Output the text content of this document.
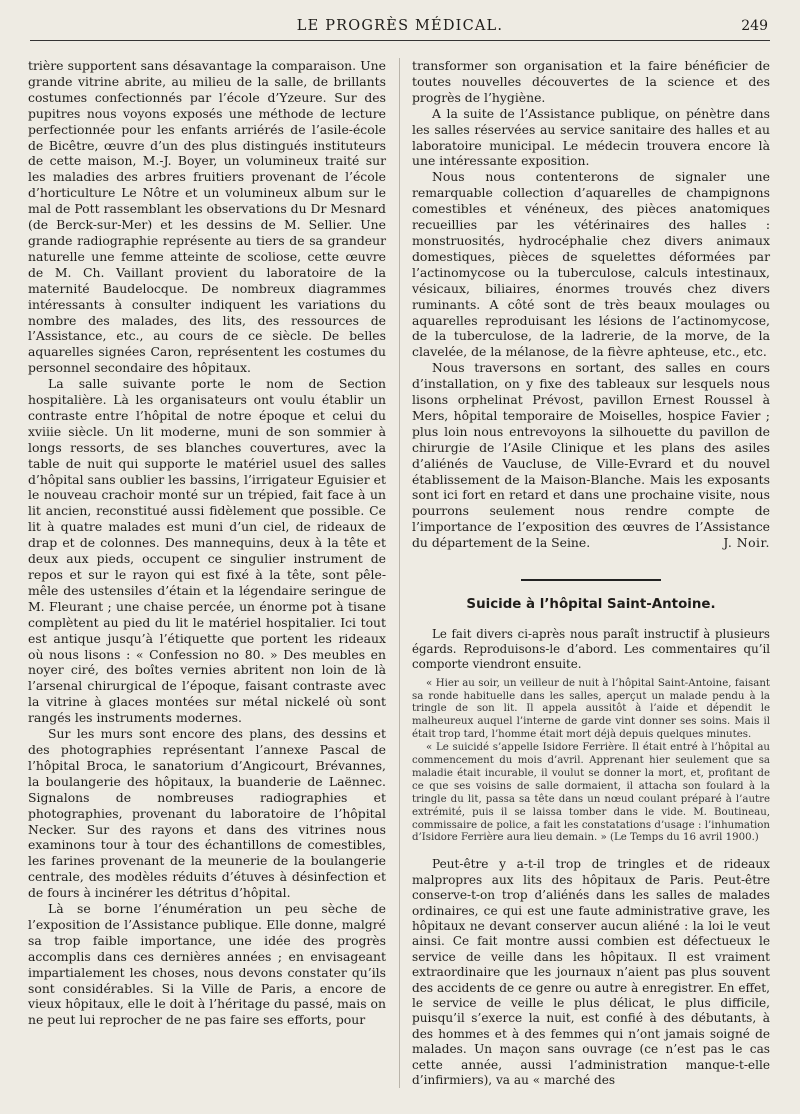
LE PROGRÈS MÉDICAL.	249

trière supportent sans désavantage la comparaison. Une grande vitrine abrite, au milieu de la salle, de brillants costumes confectionnés par l’école d’Yzeure. Sur des pupitres nous voyons exposés une méthode de lecture perfectionnée pour les enfants arriérés de l’asile-école de Bicêtre, œuvre d’un des plus distingués instituteurs de cette maison, M.-J. Boyer, un volumineux traité sur les maladies des arbres fruitiers provenant de l’école d’horticulture Le Nôtre et un volumineux album sur le mal de Pott rassemblant les observations du Dr Mesnard (de Berck-sur-Mer) et les dessins de M. Sellier. Une grande radiographie représente au tiers de sa grandeur naturelle une femme atteinte de scoliose, cette œuvre de M. Ch. Vaillant provient du laboratoire de la maternité Baudelocque. De nombreux diagrammes intéressants à consulter indiquent les variations du nombre des malades, des lits, des ressources de l’Assistance, etc., au cours de ce siècle. De belles aquarelles signées Caron, représentent les costumes du personnel secondaire des hôpitaux.

La salle suivante porte le nom de Section hospitalière. Là les organisateurs ont voulu établir un contraste entre l’hôpital de notre époque et celui du xviiie siècle. Un lit moderne, muni de son sommier à longs ressorts, de ses blanches couvertures, avec la table de nuit qui supporte le matériel usuel des salles d’hôpital sans oublier les bassins, l’irrigateur Eguisier et le nouveau crachoir monté sur un trépied, fait face à un lit ancien, reconstitué aussi fidèlement que possible. Ce lit à quatre malades est muni d’un ciel, de rideaux de drap et de colonnes. Des mannequins, deux à la tête et deux aux pieds, occupent ce singulier instrument de repos et sur le rayon qui est fixé à la tête, sont pêle-mêle des ustensiles d’étain et la légendaire seringue de M. Fleurant ; une chaise percée, un énorme pot à tisane complètent au pied du lit le matériel hospitalier. Ici tout est antique jusqu’à l’étiquette que portent les rideaux où nous lisons : « Confession no 80. » Des meubles en noyer ciré, des boîtes vernies abritent non loin de là l’arsenal chirurgical de l’époque, faisant contraste avec la vitrine à glaces montées sur métal nickelé où sont rangés les instruments modernes.

Sur les murs sont encore des plans, des dessins et des photographies représentant l’annexe Pascal de l’hôpital Broca, le sanatorium d’Angicourt, Brévannes, la boulangerie des hôpitaux, la buanderie de Laënnec. Signalons de nombreuses radiographies et photographies, provenant du laboratoire de l’hôpital Necker. Sur des rayons et dans des vitrines nous examinons tour à tour des échantillons de comestibles, les farines provenant de la meunerie de la boulangerie centrale, des modèles réduits d’étuves à désinfection et de fours à incinérer les détritus d’hôpital.

Là se borne l’énumération un peu sèche de l’exposition de l’Assistance publique. Elle donne, malgré sa trop faible importance, une idée des progrès accomplis dans ces dernières années ; en envisageant impartialement les choses, nous devons constater qu’ils sont considérables. Si la Ville de Paris, a encore de vieux hôpitaux, elle le doit à l’héritage du passé, mais on ne peut lui reprocher de ne pas faire ses efforts, pour

transformer son organisation et la faire bénéficier de toutes nouvelles découvertes de la science et des progrès de l’hygiène.

A la suite de l’Assistance publique, on pénètre dans les salles réservées au service sanitaire des halles et au laboratoire municipal. Le médecin trouvera encore là une intéressante exposition.

Nous nous contenterons de signaler une remarquable collection d’aquarelles de champignons comestibles et vénéneux, des pièces anatomiques recueillies par les vétérinaires des halles : monstruosités, hydrocéphalie chez divers animaux domestiques, pièces de squelettes déformées par l’actinomycose ou la tuberculose, calculs intestinaux, vésicaux, biliaires, énormes trouvés chez divers ruminants. A côté sont de très beaux moulages ou aquarelles reproduisant les lésions de l’actinomycose, de la tuberculose, de la ladrerie, de la morve, de la clavelée, de la mélanose, de la fièvre aphteuse, etc., etc.

Nous traversons en sortant, des salles en cours d’installation, on y fixe des tableaux sur lesquels nous lisons orphelinat Prévost, pavillon Ernest Roussel à Mers, hôpital temporaire de Moiselles, hospice Favier ; plus loin nous entrevoyons la silhouette du pavillon de chirurgie de l’Asile Clinique et les plans des asiles d’aliénés de Vaucluse, de Ville-Evrard et du nouvel établissement de la Maison-Blanche. Mais les exposants sont ici fort en retard et dans une prochaine visite, nous pourrons seulement nous rendre compte de l’importance de l’exposition des œuvres de l’Assistance du département de la Seine.	J. Noir.
Suicide à l’hôpital Saint-Antoine.

Le fait divers ci-après nous paraît instructif à plusieurs égards. Reproduisons-le d’abord. Les commentaires qu’il comporte viendront ensuite.

« Hier au soir, un veilleur de nuit à l’hôpital Saint-Antoine, faisant sa ronde habituelle dans les salles, aperçut un malade pendu à la tringle de son lit. Il appela aussitôt à l’aide et dépendit le malheureux auquel l’interne de garde vint donner ses soins. Mais il était trop tard, l’homme était mort déjà depuis quelques minutes.

« Le suicidé s’appelle Isidore Ferrière. Il était entré à l’hôpital au commencement du mois d’avril. Apprenant hier seulement que sa maladie était incurable, il voulut se donner la mort, et, profitant de ce que ses voisins de salle dormaient, il attacha son foulard à la tringle du lit, passa sa tête dans un nœud coulant préparé à l’autre extrémité, puis il se laissa tomber dans le vide. M. Boutineau, commissaire de police, a fait les constatations d’usage : l’inhumation d’Isidore Ferrière aura lieu demain. » (Le Temps du 16 avril 1900.)

Peut-être y a-t-il trop de tringles et de rideaux malpropres aux lits des hôpitaux de Paris. Peut-être conserve-t-on trop d’aliénés dans les salles de malades ordinaires, ce qui est une faute administrative grave, les hôpitaux ne devant conserver aucun aliéné : la loi le veut ainsi. Ce fait montre aussi combien est défectueux le service de veille dans les hôpitaux. Il est vraiment extraordinaire que les journaux n’aient pas plus souvent des accidents de ce genre ou autre à enregistrer. En effet, le service de veille le plus délicat, le plus difficile, puisqu’il s’exerce la nuit, est confié à des débutants, à des hommes et à des femmes qui n’ont jamais soigné de malades. Un maçon sans ouvrage (ce n’est pas le cas cette année, aussi l’administration manque-t-elle d’infirmiers), va au « marché des
